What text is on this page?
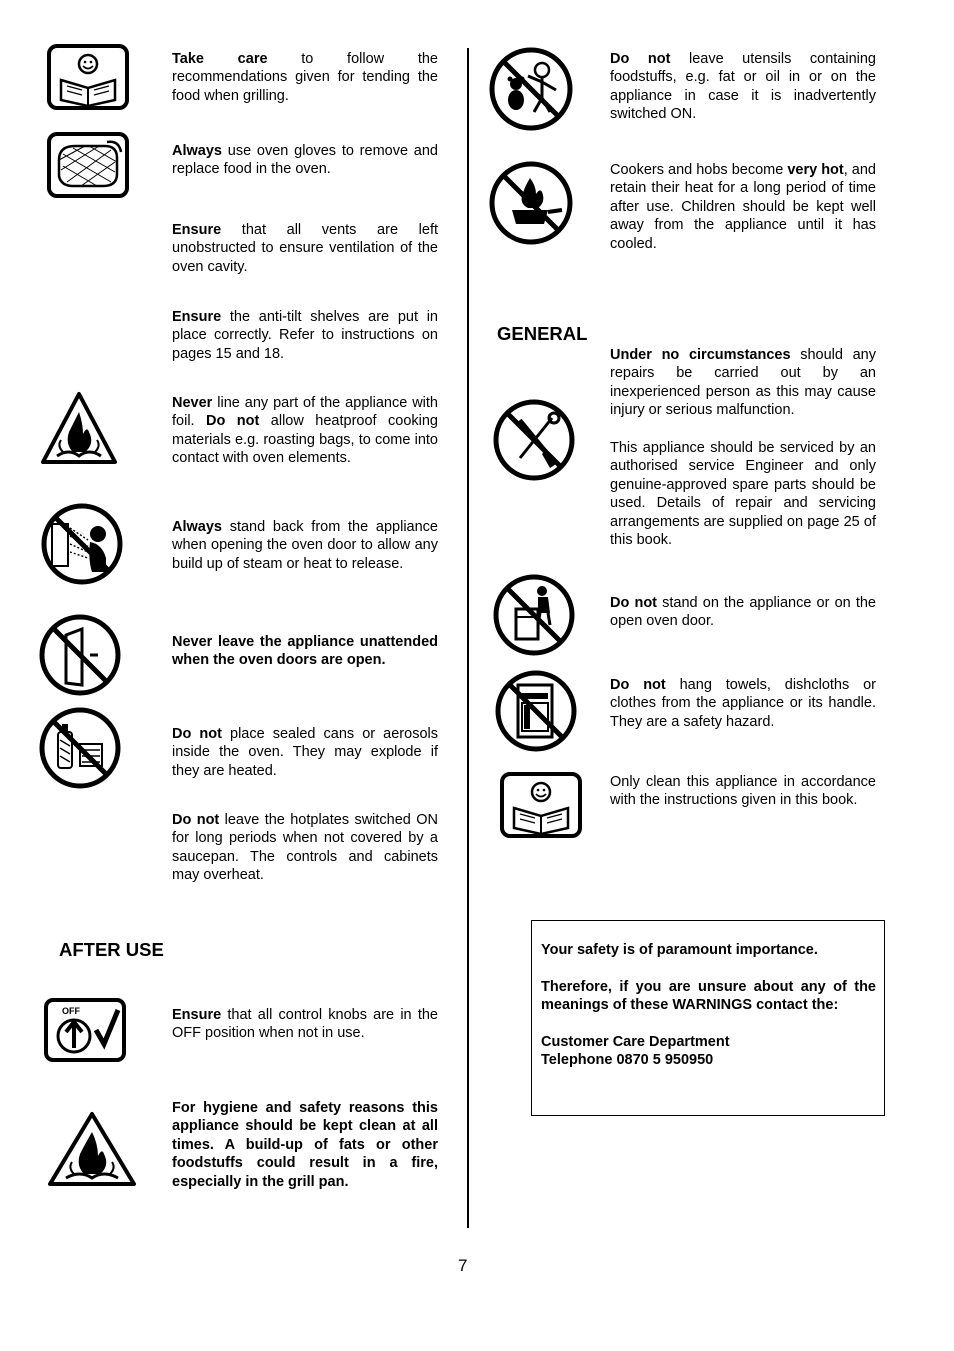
Take care to follow the recommendations given for tending the food when grilling.
Always use oven gloves to remove and replace food in the oven.
Ensure that all vents are left unobstructed to ensure ventilation of the oven cavity.
Ensure the anti-tilt shelves are put in place correctly. Refer to instructions on pages 15 and 18.
Never line any part of the appliance with foil. Do not allow heatproof cooking materials e.g. roasting bags, to come into contact with oven elements.
Always stand back from the appliance when opening the oven door to allow any build up of steam or heat to release.
Never leave the appliance unattended when the oven doors are open.
Do not place sealed cans or aerosols inside the oven. They may explode if they are heated.
Do not leave the hotplates switched ON for long periods when not covered by a saucepan. The controls and cabinets may overheat.
AFTER USE
OFF	Ensure that all control knobs are in the OFF position when not in use.
For hygiene and safety reasons this appliance should be kept clean at all times. A build-up of fats or other foodstuffs could result in a fire, especially in the grill pan.
Do not leave utensils containing foodstuffs, e.g. fat or oil in or on the appliance in case it is inadvertently switched ON.
Cookers and hobs become very hot, and retain their heat for a long period of time after use. Children should be kept well away from the appliance until it has cooled.
GENERAL
Under no circumstances should any repairs be carried out by an inexperienced person as this may cause injury or serious malfunction.
This appliance should be serviced by an authorised service Engineer and only genuine-approved spare parts should be used. Details of repair and servicing arrangements are supplied on page 25 of this book.
Do not stand on the appliance or on the open oven door.
Do not hang towels, dishcloths or clothes from the appliance or its handle. They are a safety hazard.
Only clean this appliance in accordance with the instructions given in this book.

Your safety is of paramount importance.

Therefore, if you are unsure about any of the meanings of these WARNINGS contact the:

Customer Care Department
Telephone 0870 5 950950
7
